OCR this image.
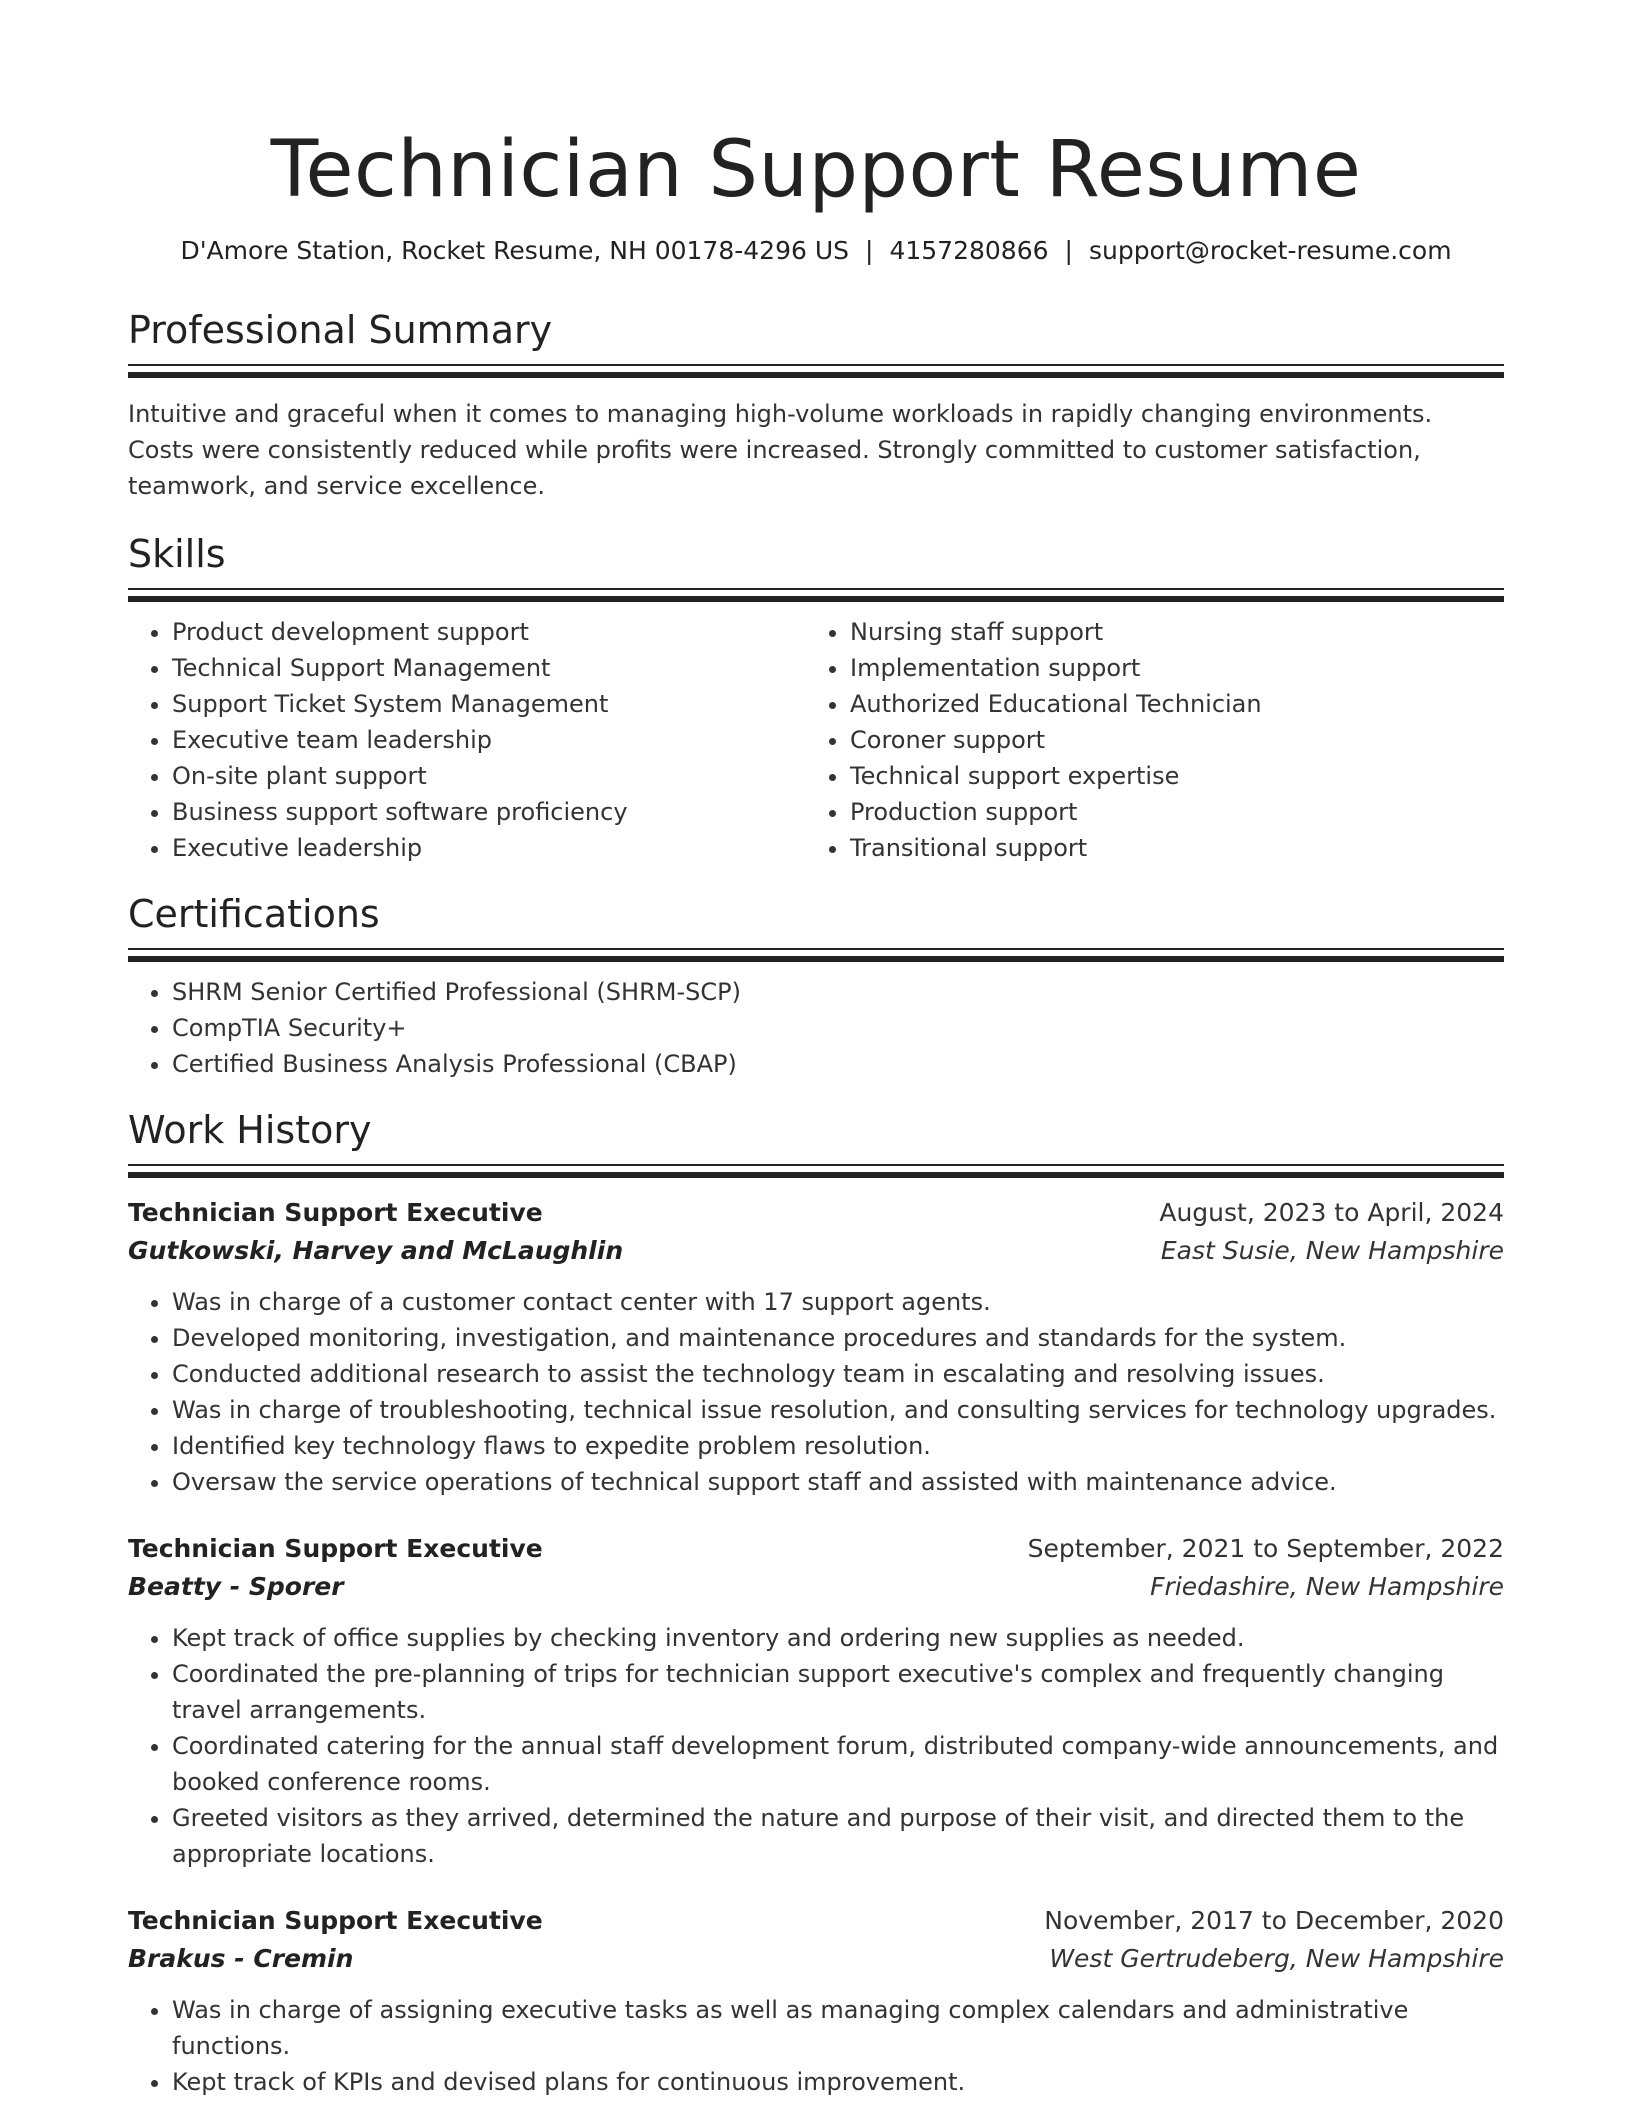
Technician Support Resume
D'Amore Station, Rocket Resume, NH 00178-4296 US | 4157280866 | support@rocket-resume.com
Professional Summary
Intuitive and graceful when it comes to managing high-volume workloads in rapidly changing environments. Costs were consistently reduced while profits were increased. Strongly committed to customer satisfaction, teamwork, and service excellence.
Skills
• Product development support
• Technical Support Management
• Support Ticket System Management
• Executive team leadership
• On-site plant support
• Business support software proficiency
• Executive leadership
• Nursing staff support
• Implementation support
• Authorized Educational Technician
• Coroner support
• Technical support expertise
• Production support
• Transitional support
Certifications
• SHRM Senior Certified Professional (SHRM-SCP)
• CompTIA Security+
• Certified Business Analysis Professional (CBAP)
Work History
Technician Support Executive	August, 2023 to April, 2024
Gutkowski, Harvey and McLaughlin	East Susie, New Hampshire
• Was in charge of a customer contact center with 17 support agents.
• Developed monitoring, investigation, and maintenance procedures and standards for the system.
• Conducted additional research to assist the technology team in escalating and resolving issues.
• Was in charge of troubleshooting, technical issue resolution, and consulting services for technology upgrades.
• Identified key technology flaws to expedite problem resolution.
• Oversaw the service operations of technical support staff and assisted with maintenance advice.
Technician Support Executive	September, 2021 to September, 2022
Beatty - Sporer	Friedashire, New Hampshire
• Kept track of office supplies by checking inventory and ordering new supplies as needed.
• Coordinated the pre-planning of trips for technician support executive's complex and frequently changing travel arrangements.
• Coordinated catering for the annual staff development forum, distributed company-wide announcements, and booked conference rooms.
• Greeted visitors as they arrived, determined the nature and purpose of their visit, and directed them to the appropriate locations.
Technician Support Executive	November, 2017 to December, 2020
Brakus - Cremin	West Gertrudeberg, New Hampshire
• Was in charge of assigning executive tasks as well as managing complex calendars and administrative functions.
• Kept track of KPIs and devised plans for continuous improvement.
